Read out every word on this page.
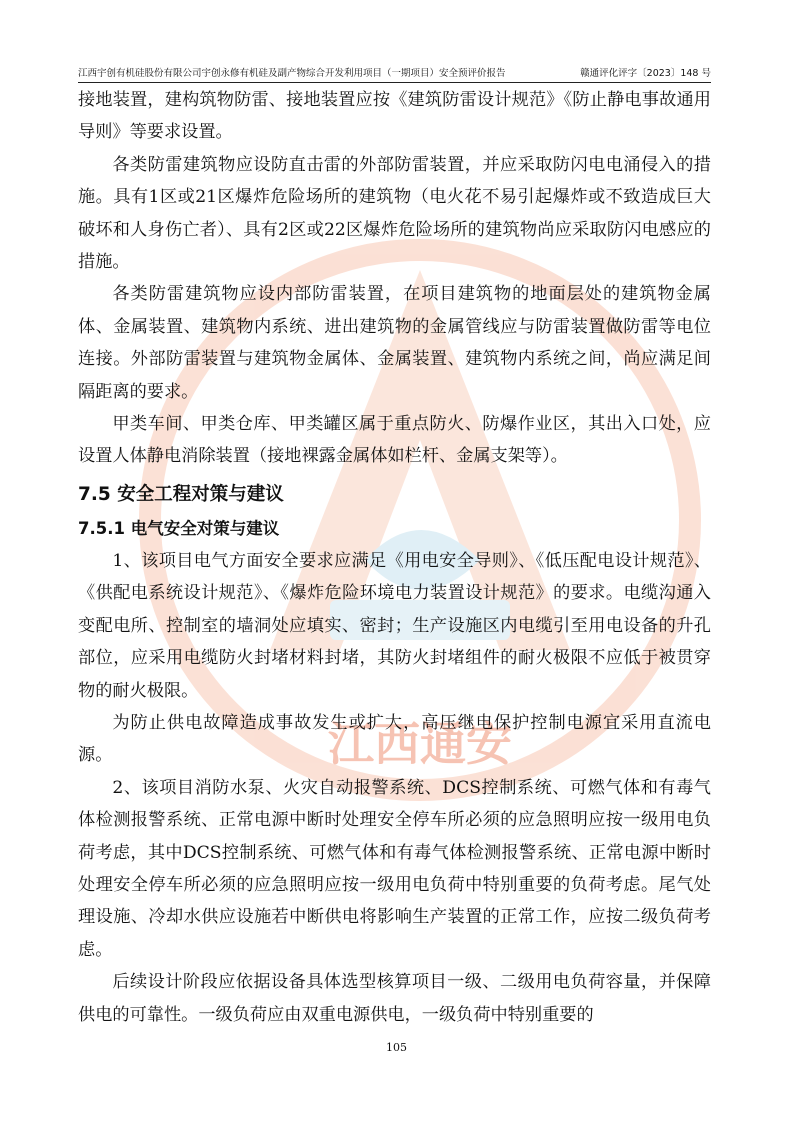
江西通安
江西宇创有机硅股份有限公司宇创永修有机硅及副产物综合开发利用项目（一期项目）安全预评价报告	赣通评化评字〔2023〕148 号

接地装置，建构筑物防雷、接地装置应按《建筑防雷设计规范》《防止静电事故通用导则》等要求设置。

各类防雷建筑物应设防直击雷的外部防雷装置，并应采取防闪电电涌侵入的措施。具有1区或21区爆炸危险场所的建筑物（电火花不易引起爆炸或不致造成巨大破坏和人身伤亡者）、具有2区或22区爆炸危险场所的建筑物尚应采取防闪电感应的措施。

各类防雷建筑物应设内部防雷装置，在项目建筑物的地面层处的建筑物金属体、金属装置、建筑物内系统、进出建筑物的金属管线应与防雷装置做防雷等电位连接。外部防雷装置与建筑物金属体、金属装置、建筑物内系统之间，尚应满足间隔距离的要求。

甲类车间、甲类仓库、甲类罐区属于重点防火、防爆作业区，其出入口处，应设置人体静电消除装置（接地裸露金属体如栏杆、金属支架等）。

7.5 安全工程对策与建议
7.5.1 电气安全对策与建议

1、该项目电气方面安全要求应满足《用电安全导则》、《低压配电设计规范》、《供配电系统设计规范》、《爆炸危险环境电力装置设计规范》的要求。电缆沟通入变配电所、控制室的墙洞处应填实、密封；生产设施区内电缆引至用电设备的升孔部位，应采用电缆防火封堵材料封堵，其防火封堵组件的耐火极限不应低于被贯穿物的耐火极限。

为防止供电故障造成事故发生或扩大，高压继电保护控制电源宜采用直流电源。

2、该项目消防水泵、火灾自动报警系统、DCS控制系统、可燃气体和有毒气体检测报警系统、正常电源中断时处理安全停车所必须的应急照明应按一级用电负荷考虑，其中DCS控制系统、可燃气体和有毒气体检测报警系统、正常电源中断时处理安全停车所必须的应急照明应按一级用电负荷中特别重要的负荷考虑。尾气处理设施、冷却水供应设施若中断供电将影响生产装置的正常工作，应按二级负荷考虑。

后续设计阶段应依据设备具体选型核算项目一级、二级用电负荷容量，并保障供电的可靠性。一级负荷应由双重电源供电，一级负荷中特别重要的

105
